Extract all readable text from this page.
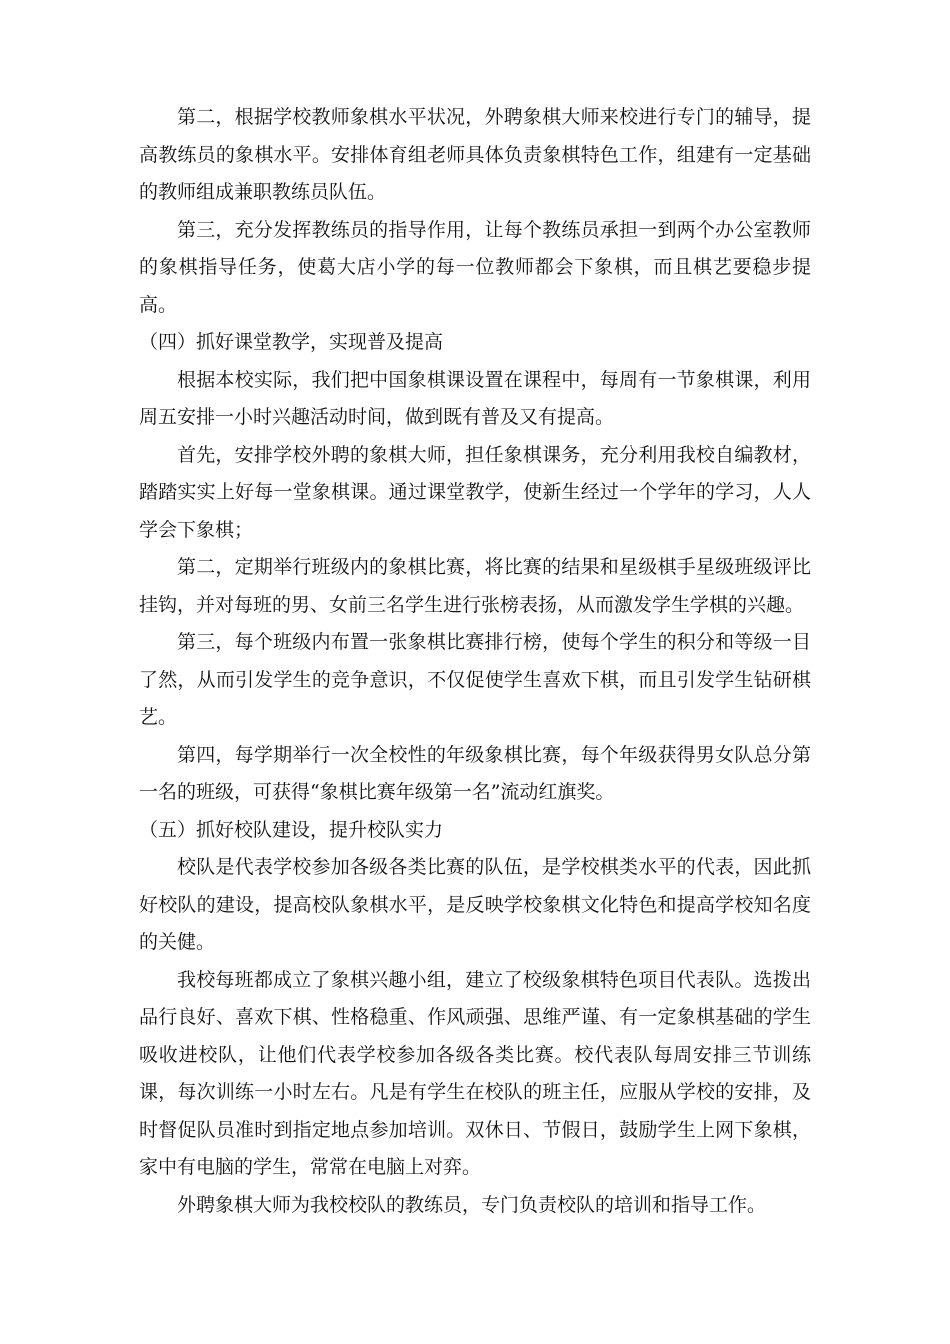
第二，根据学校教师象棋水平状况，外聘象棋大师来校进行专门的辅导，提高教练员的象棋水平。安排体育组老师具体负责象棋特色工作，组建有一定基础的教师组成兼职教练员队伍。

第三，充分发挥教练员的指导作用，让每个教练员承担一到两个办公室教师的象棋指导任务，使葛大店小学的每一位教师都会下象棋，而且棋艺要稳步提高。

（四）抓好课堂教学，实现普及提高

根据本校实际，我们把中国象棋课设置在课程中，每周有一节象棋课，利用周五安排一小时兴趣活动时间，做到既有普及又有提高。

首先，安排学校外聘的象棋大师，担任象棋课务，充分利用我校自编教材，踏踏实实上好每一堂象棋课。通过课堂教学，使新生经过一个学年的学习，人人学会下象棋；

第二，定期举行班级内的象棋比赛，将比赛的结果和星级棋手星级班级评比挂钩，并对每班的男、女前三名学生进行张榜表扬，从而激发学生学棋的兴趣。

第三，每个班级内布置一张象棋比赛排行榜，使每个学生的积分和等级一目了然，从而引发学生的竞争意识，不仅促使学生喜欢下棋，而且引发学生钻研棋艺。

第四，每学期举行一次全校性的年级象棋比赛，每个年级获得男女队总分第一名的班级，可获得“象棋比赛年级第一名”流动红旗奖。

（五）抓好校队建设，提升校队实力

校队是代表学校参加各级各类比赛的队伍，是学校棋类水平的代表，因此抓好校队的建设，提高校队象棋水平，是反映学校象棋文化特色和提高学校知名度的关健。

我校每班都成立了象棋兴趣小组，建立了校级象棋特色项目代表队。选拨出品行良好、喜欢下棋、性格稳重、作风顽强、思维严谨、有一定象棋基础的学生吸收进校队，让他们代表学校参加各级各类比赛。校代表队每周安排三节训练课，每次训练一小时左右。凡是有学生在校队的班主任，应服从学校的安排，及时督促队员准时到指定地点参加培训。双休日、节假日，鼓励学生上网下象棋，家中有电脑的学生，常常在电脑上对弈。

外聘象棋大师为我校校队的教练员，专门负责校队的培训和指导工作。
